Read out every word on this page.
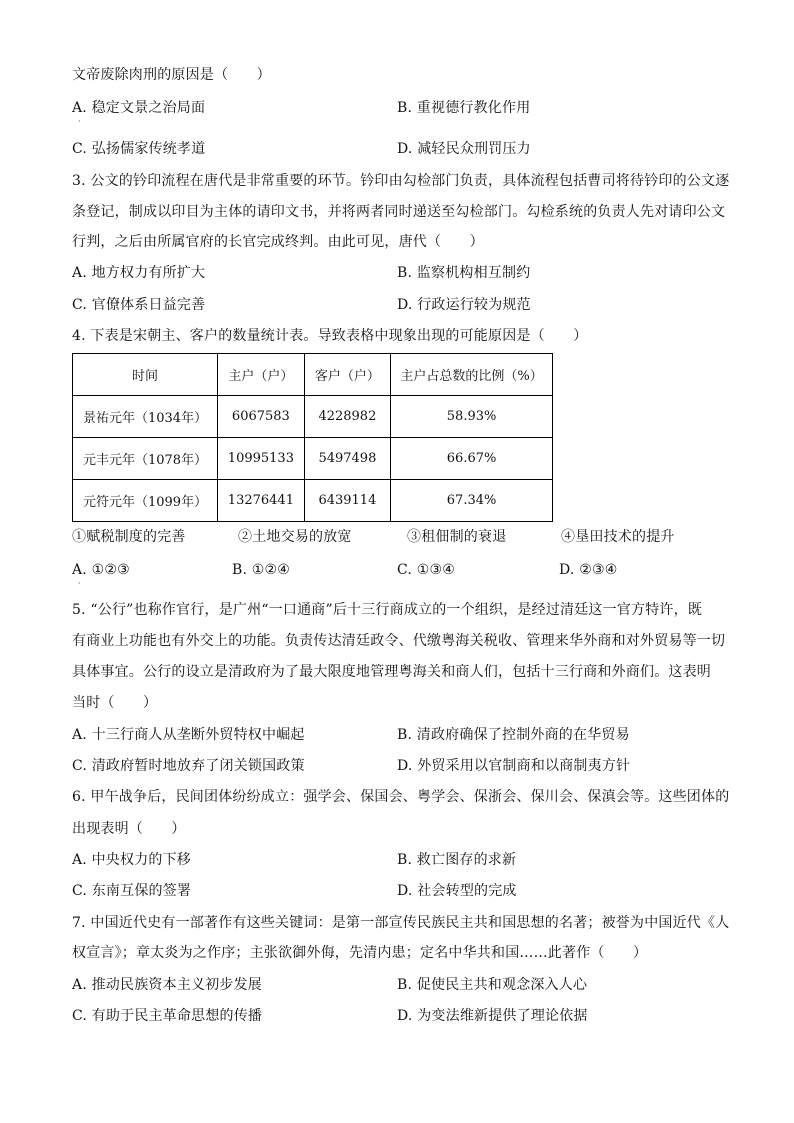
文帝废除肉刑的原因是（　　）
A. 稳定文景之治局面
·
B. 重视德行教化作用
C. 弘扬儒家传统孝道	D. 减轻民众刑罚压力
3. 公文的钤印流程在唐代是非常重要的环节。钤印由勾检部门负责，具体流程包括曹司将待钤印的公文逐
条登记，制成以印目为主体的请印文书，并将两者同时递送至勾检部门。勾检系统的负责人先对请印公文
行判，之后由所属官府的长官完成终判。由此可见，唐代（　　）
A. 地方权力有所扩大	B. 监察机构相互制约
C. 官僚体系日益完善	D. 行政运行较为规范
4. 下表是宋朝主、客户的数量统计表。导致表格中现象出现的可能原因是（　　）
时间	主户（户）	客户（户）	主户占总数的比例（%）
景祐元年（1034年）	6067583	4228982	58.93%
元丰元年（1078年）	10995133	5497498	66.67%
元符元年（1099年）	13276441	6439114	67.34%
①赋税制度的完善	②土地交易的放宽	③租佃制的衰退	④垦田技术的提升
A. ①②③
·
B. ①②④	C. ①③④	D. ②③④
5. “公行”也称作官行，是广州“一口通商”后十三行商成立的一个组织，是经过清廷这一官方特许，既
有商业上功能也有外交上的功能。负责传达清廷政令、代缴粤海关税收、管理来华外商和对外贸易等一切
具体事宜。公行的设立是清政府为了最大限度地管理粤海关和商人们，包括十三行商和外商们。这表明
当时（　　）
A. 十三行商人从垄断外贸特权中崛起	B. 清政府确保了控制外商的在华贸易
C. 清政府暂时地放弃了闭关锁国政策	D. 外贸采用以官制商和以商制夷方针
6. 甲午战争后，民间团体纷纷成立：强学会、保国会、粤学会、保浙会、保川会、保滇会等。这些团体的
出现表明（　　）
A. 中央权力的下移	B. 救亡图存的求新
C. 东南互保的签署	D. 社会转型的完成
7. 中国近代史有一部著作有这些关键词：是第一部宣传民族民主共和国思想的名著；被誉为中国近代《人
权宣言》；章太炎为之作序；主张欲御外侮，先清内患；定名中华共和国……此著作（　　）
A. 推动民族资本主义初步发展	B. 促使民主共和观念深入人心
C. 有助于民主革命思想的传播	D. 为变法维新提供了理论依据
